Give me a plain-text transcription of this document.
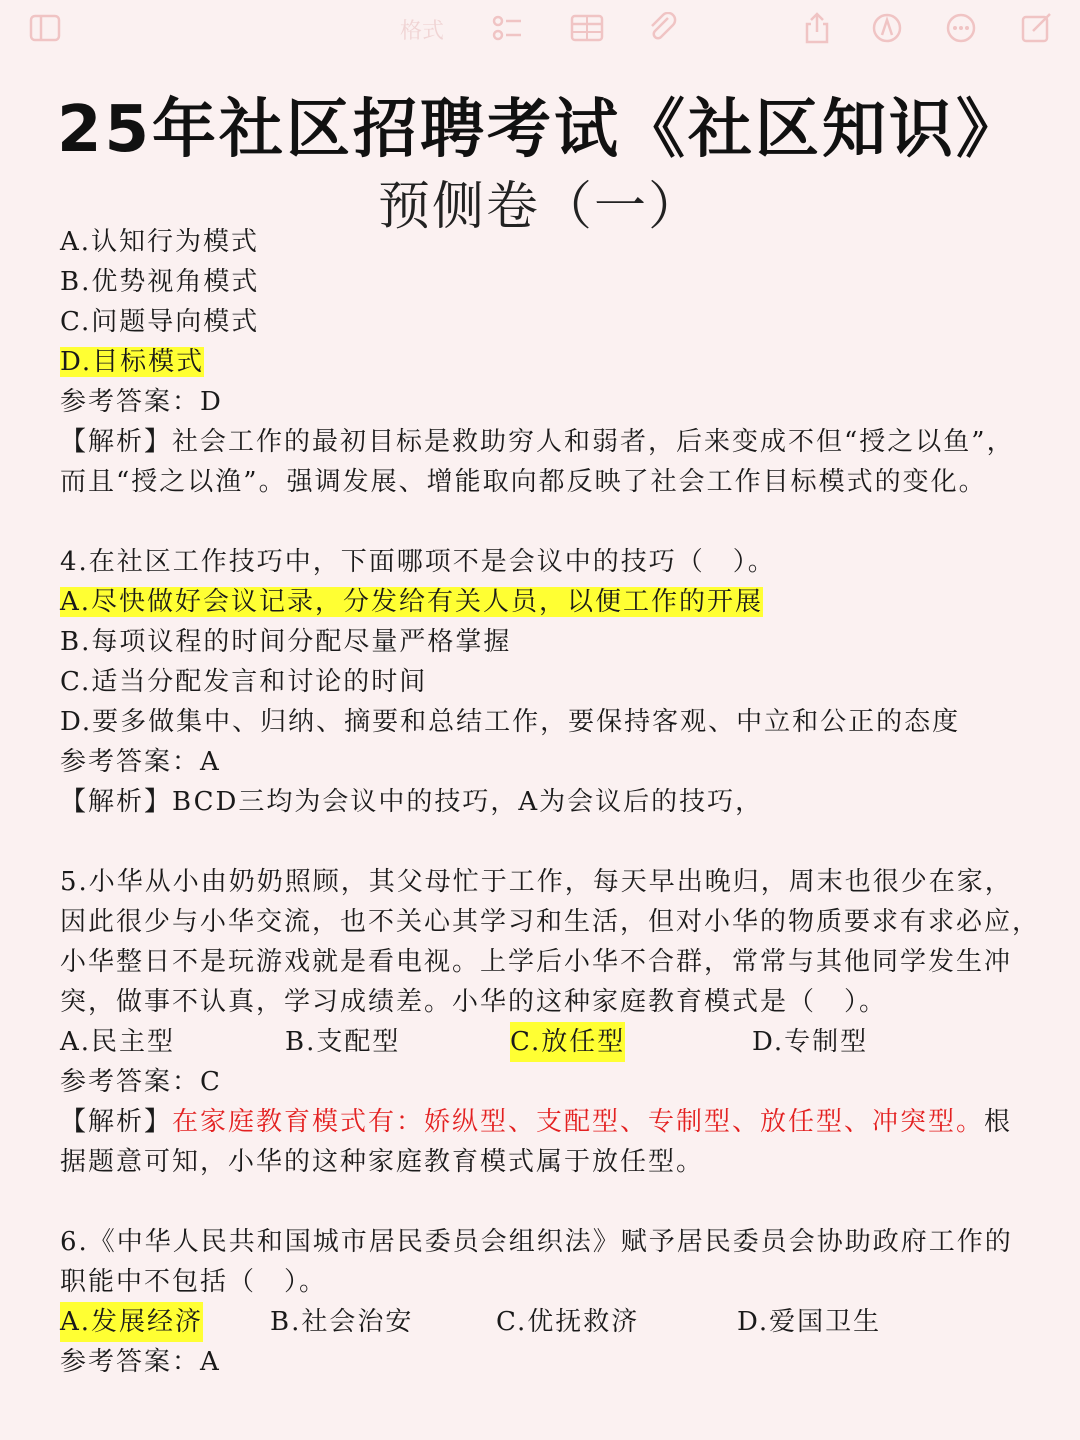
格式
25年社区招聘考试《社区知识》
预侧卷（一）
A.认知行为模式
B.优势视角模式
C.问题导向模式
D.目标模式
参考答案：D
【解析】社会工作的最初目标是救助穷人和弱者，后来变成不但“授之以鱼”，
而且“授之以渔”。强调发展、增能取向都反映了社会工作目标模式的变化。
4.在社区工作技巧中，下面哪项不是会议中的技巧（　）。
A.尽快做好会议记录，分发给有关人员，以便工作的开展
B.每项议程的时间分配尽量严格掌握
C.适当分配发言和讨论的时间
D.要多做集中、归纳、摘要和总结工作，要保持客观、中立和公正的态度
参考答案：A
【解析】BCD三均为会议中的技巧，A为会议后的技巧，
5.小华从小由奶奶照顾，其父母忙于工作，每天早出晚归，周末也很少在家，
因此很少与小华交流，也不关心其学习和生活，但对小华的物质要求有求必应，
小华整日不是玩游戏就是看电视。上学后小华不合群，常常与其他同学发生冲
突，做事不认真，学习成绩差。小华的这种家庭教育模式是（　）。
A.民主型	B.支配型	C.放任型	D.专制型
参考答案：C
【解析】在家庭教育模式有：娇纵型、支配型、专制型、放任型、冲突型。根
据题意可知，小华的这种家庭教育模式属于放任型。
6.《中华人民共和国城市居民委员会组织法》赋予居民委员会协助政府工作的
职能中不包括（　）。
A.发展经济	B.社会治安	C.优抚救济	D.爱国卫生
参考答案：A
